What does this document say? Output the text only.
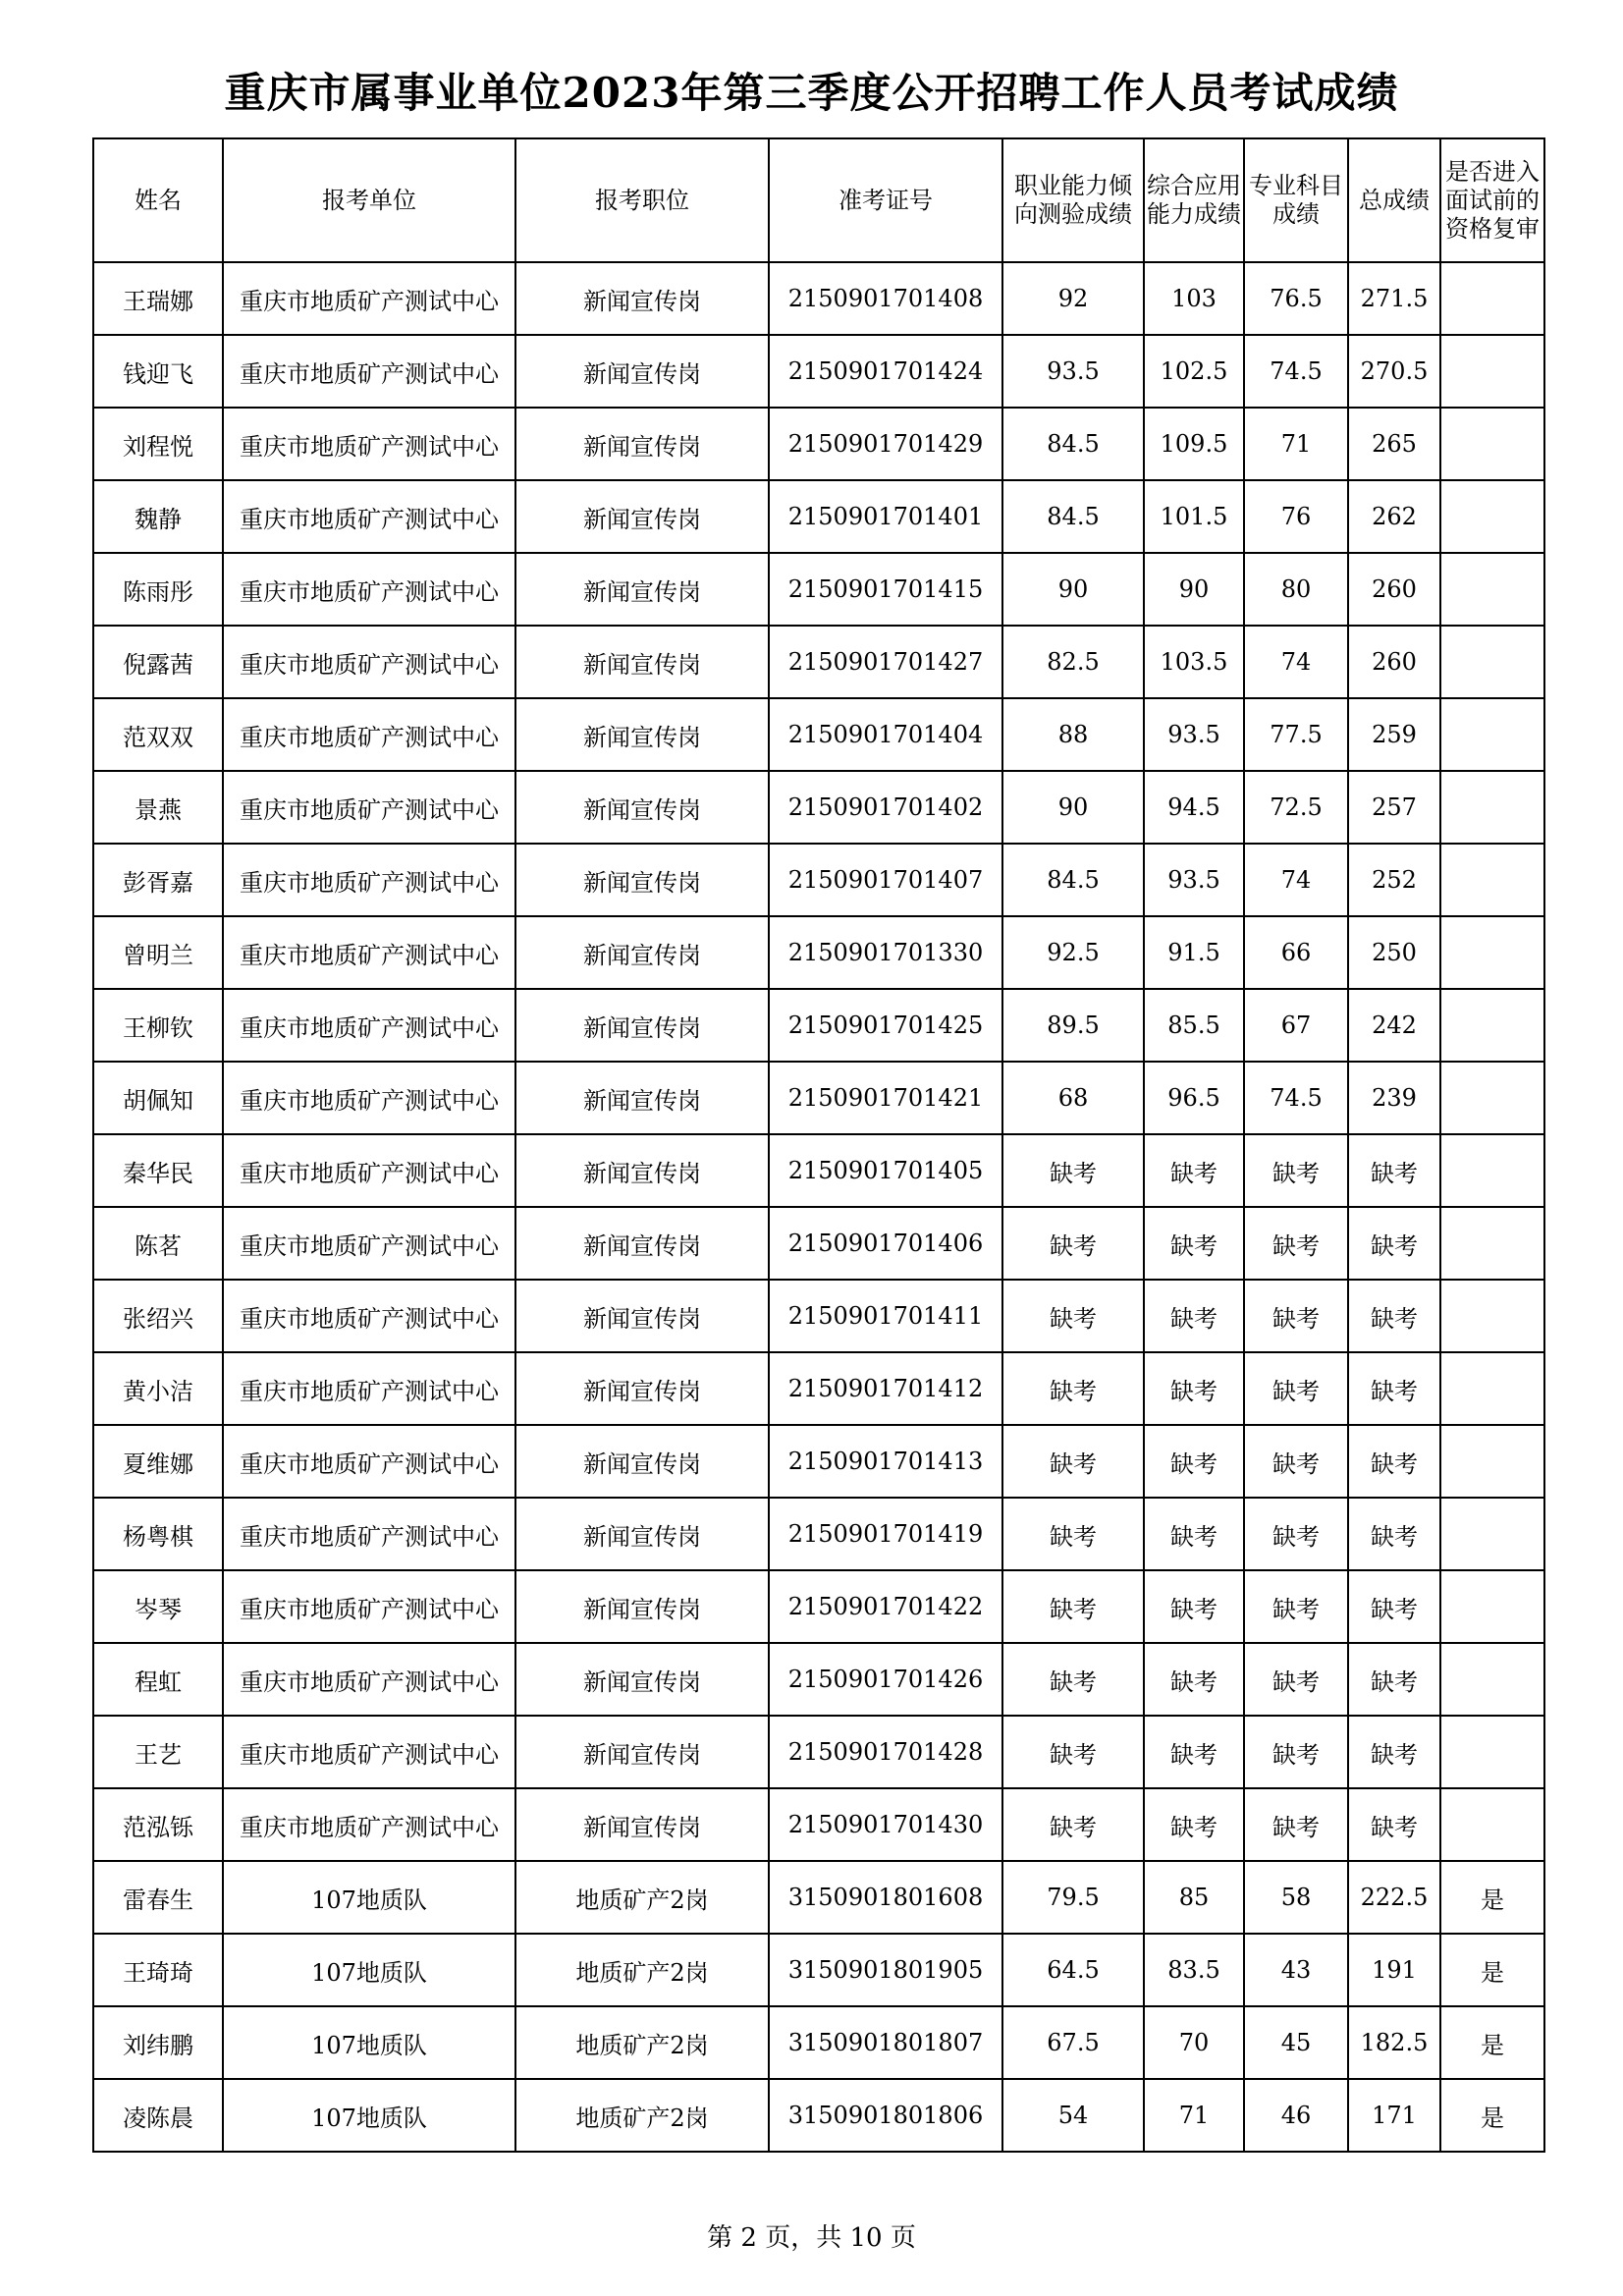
重庆市属事业单位2023年第三季度公开招聘工作人员考试成绩
姓名	报考单位	报考职位	准考证号	职业能力倾向测验成绩	综合应用能力成绩	专业科目成绩	总成绩	是否进入面试前的资格复审
王瑞娜	重庆市地质矿产测试中心	新闻宣传岗	2150901701408	92	103	76.5	271.5	
钱迎飞	重庆市地质矿产测试中心	新闻宣传岗	2150901701424	93.5	102.5	74.5	270.5	
刘程悦	重庆市地质矿产测试中心	新闻宣传岗	2150901701429	84.5	109.5	71	265	
魏静	重庆市地质矿产测试中心	新闻宣传岗	2150901701401	84.5	101.5	76	262	
陈雨彤	重庆市地质矿产测试中心	新闻宣传岗	2150901701415	90	90	80	260	
倪露茜	重庆市地质矿产测试中心	新闻宣传岗	2150901701427	82.5	103.5	74	260	
范双双	重庆市地质矿产测试中心	新闻宣传岗	2150901701404	88	93.5	77.5	259	
景燕	重庆市地质矿产测试中心	新闻宣传岗	2150901701402	90	94.5	72.5	257	
彭胥嘉	重庆市地质矿产测试中心	新闻宣传岗	2150901701407	84.5	93.5	74	252	
曾明兰	重庆市地质矿产测试中心	新闻宣传岗	2150901701330	92.5	91.5	66	250	
王柳钦	重庆市地质矿产测试中心	新闻宣传岗	2150901701425	89.5	85.5	67	242	
胡佩知	重庆市地质矿产测试中心	新闻宣传岗	2150901701421	68	96.5	74.5	239	
秦华民	重庆市地质矿产测试中心	新闻宣传岗	2150901701405	缺考	缺考	缺考	缺考	
陈茗	重庆市地质矿产测试中心	新闻宣传岗	2150901701406	缺考	缺考	缺考	缺考	
张绍兴	重庆市地质矿产测试中心	新闻宣传岗	2150901701411	缺考	缺考	缺考	缺考	
黄小洁	重庆市地质矿产测试中心	新闻宣传岗	2150901701412	缺考	缺考	缺考	缺考	
夏维娜	重庆市地质矿产测试中心	新闻宣传岗	2150901701413	缺考	缺考	缺考	缺考	
杨粤棋	重庆市地质矿产测试中心	新闻宣传岗	2150901701419	缺考	缺考	缺考	缺考	
岑琴	重庆市地质矿产测试中心	新闻宣传岗	2150901701422	缺考	缺考	缺考	缺考	
程虹	重庆市地质矿产测试中心	新闻宣传岗	2150901701426	缺考	缺考	缺考	缺考	
王艺	重庆市地质矿产测试中心	新闻宣传岗	2150901701428	缺考	缺考	缺考	缺考	
范泓铄	重庆市地质矿产测试中心	新闻宣传岗	2150901701430	缺考	缺考	缺考	缺考	
雷春生	107地质队	地质矿产2岗	3150901801608	79.5	85	58	222.5	是
王琦琦	107地质队	地质矿产2岗	3150901801905	64.5	83.5	43	191	是
刘纬鹏	107地质队	地质矿产2岗	3150901801807	67.5	70	45	182.5	是
凌陈晨	107地质队	地质矿产2岗	3150901801806	54	71	46	171	是
第 2 页，共 10 页
